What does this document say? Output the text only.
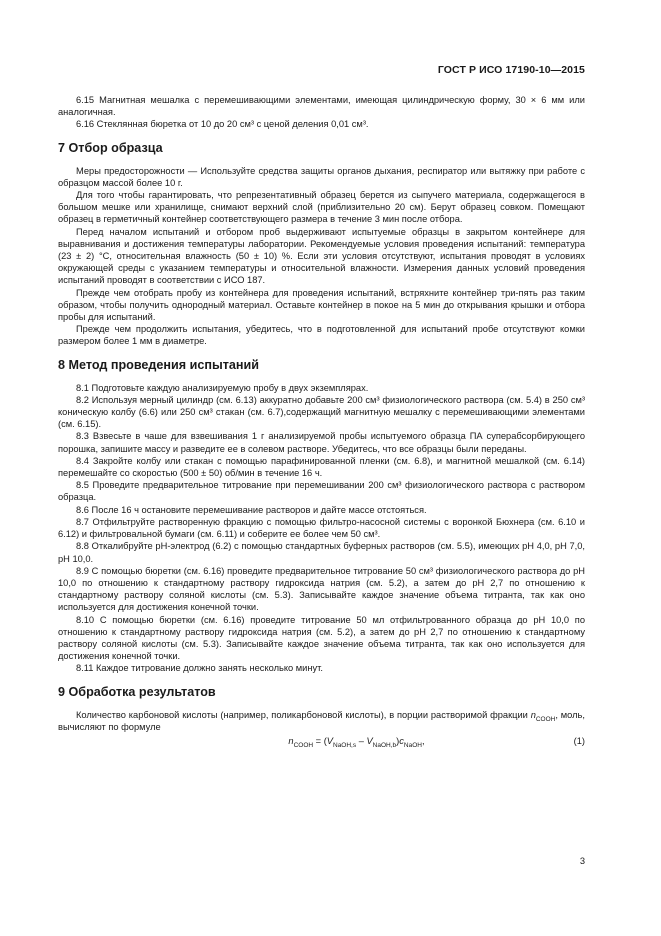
ГОСТ Р ИСО 17190-10—2015

6.15 Магнитная мешалка с перемешивающими элементами, имеющая цилиндрическую форму, 30 × 6 мм или аналогичная.

6.16 Стеклянная бюретка от 10 до 20 см³ с ценой деления 0,01 см³.

7 Отбор образца

Меры предосторожности — Используйте средства защиты органов дыхания, респиратор или вытяжку при работе с образцом массой более 10 г.

Для того чтобы гарантировать, что репрезентативный образец берется из сыпучего материала, содержащегося в большом мешке или хранилище, снимают верхний слой (приблизительно 20 см). Берут образец совком. Помещают образец в герметичный контейнер соответствующего размера в течение 3 мин после отбора.

Перед началом испытаний и отбором проб выдерживают испытуемые образцы в закрытом контейнере для выравнивания и достижения температуры лаборатории. Рекомендуемые условия проведения испытаний: температура (23 ± 2) °С, относительная влажность (50 ± 10) %. Если эти условия отсутствуют, испытания проводят в условиях окружающей среды с указанием температуры и относительной влажности. Измерения данных условий проведения испытаний проводят в соответствии с ИСО 187.

Прежде чем отобрать пробу из контейнера для проведения испытаний, встряхните контейнер три-пять раз таким образом, чтобы получить однородный материал. Оставьте контейнер в покое на 5 мин до открывания крышки и отбора пробы для испытаний.

Прежде чем продолжить испытания, убедитесь, что в подготовленной для испытаний пробе отсутствуют комки размером более 1 мм в диаметре.

8 Метод проведения испытаний

8.1 Подготовьте каждую анализируемую пробу в двух экземплярах.

8.2 Используя мерный цилиндр (см. 6.13) аккуратно добавьте 200 см³ физиологического раствора (см. 5.4) в 250 см³ коническую колбу (6.6) или 250 см³ стакан (см. 6.7),содержащий магнитную мешалку с перемешивающими элементами (см. 6.15).

8.3 Взвесьте в чаше для взвешивания 1 г анализируемой пробы испытуемого образца ПА суперабсорбирующего порошка, запишите массу и разведите ее в солевом растворе. Убедитесь, что все образцы были переданы.

8.4 Закройте колбу или стакан с помощью парафинированной пленки (см. 6.8), и магнитной мешалкой (см. 6.14) перемешайте со скоростью (500 ± 50) об/мин в течение 16 ч.

8.5 Проведите предварительное титрование при перемешивании 200 см³ физиологического раствора с раствором образца.

8.6 После 16 ч остановите перемешивание растворов и дайте массе отстояться.

8.7 Отфильтруйте растворенную фракцию с помощью фильтро-насосной системы с воронкой Бюхнера (см. 6.10 и 6.12) и фильтровальной бумаги (см. 6.11) и соберите ее более чем 50 см³.

8.8 Откалибруйте рН-электрод (6.2) с помощью стандартных буферных растворов (см. 5.5), имеющих рН 4,0, рН 7,0, рН 10,0.

8.9 С помощью бюретки (см. 6.16) проведите предварительное титрование 50 см³ физиологического раствора до рН 10,0 по отношению к стандартному раствору гидроксида натрия (см. 5.2), а затем до рН 2,7 по отношению к стандартному раствору соляной кислоты (см. 5.3). Записывайте каждое значение объема титранта, так как оно используется для достижения конечной точки.

8.10 С помощью бюретки (см. 6.16) проведите титрование 50 мл отфильтрованного образца до рН 10,0 по отношению к стандартному раствору гидроксида натрия (см. 5.2), а затем до рН 2,7 по отношению к стандартному раствору соляной кислоты (см. 5.3). Записывайте каждое значение объема титранта, так как оно используется для достижения конечной точки.

8.11 Каждое титрование должно занять несколько минут.

9 Обработка результатов

Количество карбоновой кислоты (например, поликарбоновой кислоты), в порции растворимой фракции $n_{COOH}$, моль, вычисляют по формуле

$n_{COOH} = (V_{NaOH,s} - V_{NaOH,b})c_{NaOH}$,	(1)
3
